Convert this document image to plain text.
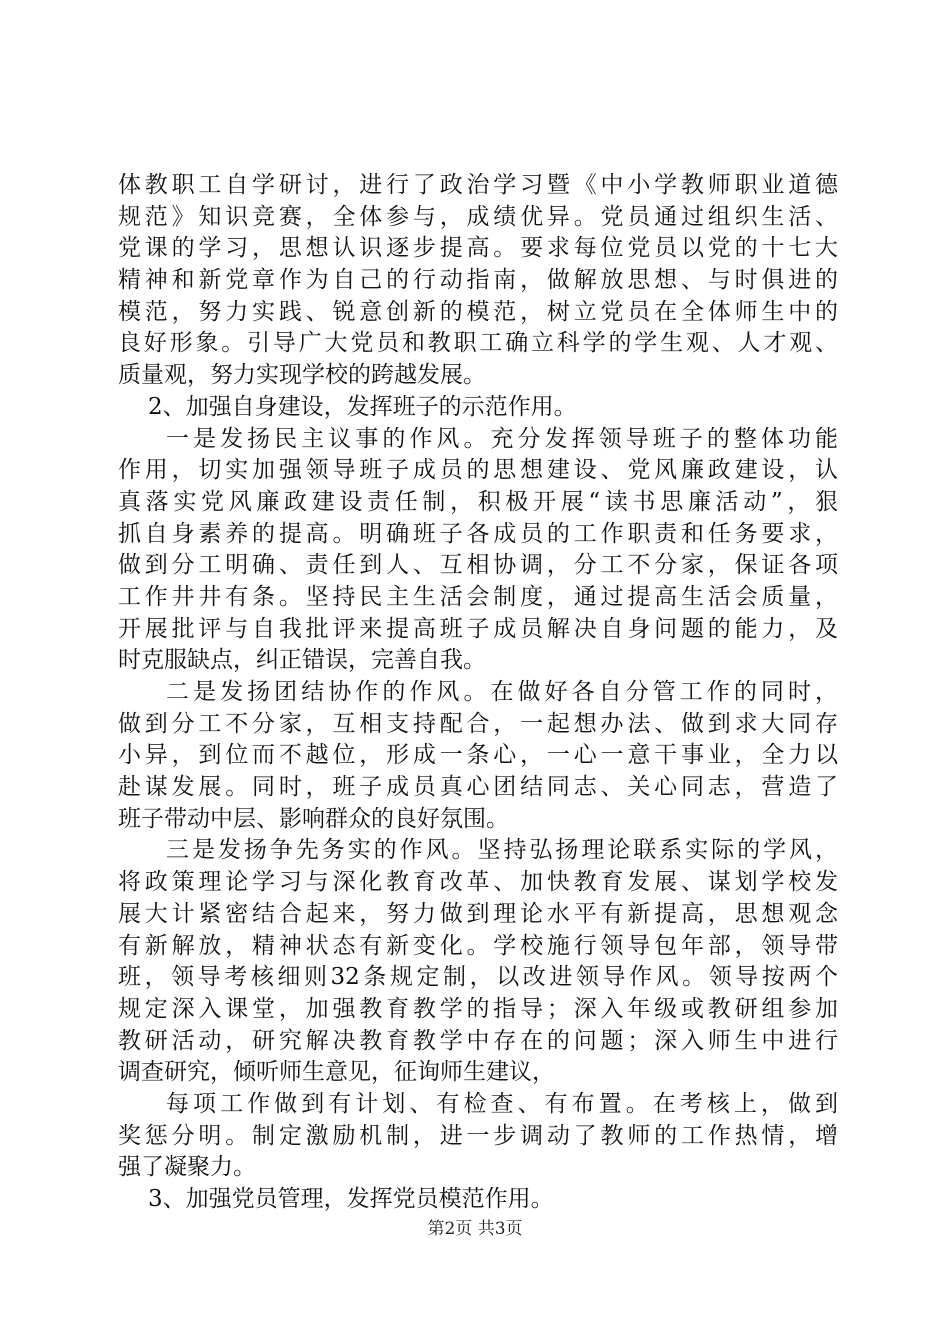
体教职工自学研讨，进行了政治学习暨《中小学教师职业道德
规范》知识竞赛，全体参与，成绩优异。党员通过组织生活、
党课的学习，思想认识逐步提高。要求每位党员以党的十七大
精神和新党章作为自己的行动指南，做解放思想、与时俱进的
模范，努力实践、锐意创新的模范，树立党员在全体师生中的
良好形象。引导广大党员和教职工确立科学的学生观、人才观、
质量观，努力实现学校的跨越发展。
2、加强自身建设，发挥班子的示范作用。
一是发扬民主议事的作风。充分发挥领导班子的整体功能
作用，切实加强领导班子成员的思想建设、党风廉政建设，认
真落实党风廉政建设责任制，积极开展“读书思廉活动”，狠
抓自身素养的提高。明确班子各成员的工作职责和任务要求，
做到分工明确、责任到人、互相协调，分工不分家，保证各项
工作井井有条。坚持民主生活会制度，通过提高生活会质量，
开展批评与自我批评来提高班子成员解决自身问题的能力，及
时克服缺点，纠正错误，完善自我。
二是发扬团结协作的作风。在做好各自分管工作的同时，
做到分工不分家，互相支持配合，一起想办法、做到求大同存
小异，到位而不越位，形成一条心，一心一意干事业，全力以
赴谋发展。同时，班子成员真心团结同志、关心同志，营造了
班子带动中层、影响群众的良好氛围。
三是发扬争先务实的作风。坚持弘扬理论联系实际的学风，
将政策理论学习与深化教育改革、加快教育发展、谋划学校发
展大计紧密结合起来，努力做到理论水平有新提高，思想观念
有新解放，精神状态有新变化。学校施行领导包年部，领导带
班，领导考核细则32条规定制，以改进领导作风。领导按两个
规定深入课堂，加强教育教学的指导；深入年级或教研组参加
教研活动，研究解决教育教学中存在的问题；深入师生中进行
调查研究，倾听师生意见，征询师生建议，
每项工作做到有计划、有检查、有布置。在考核上，做到
奖惩分明。制定激励机制，进一步调动了教师的工作热情，增
强了凝聚力。
3、加强党员管理，发挥党员模范作用。
第2页 共3页
